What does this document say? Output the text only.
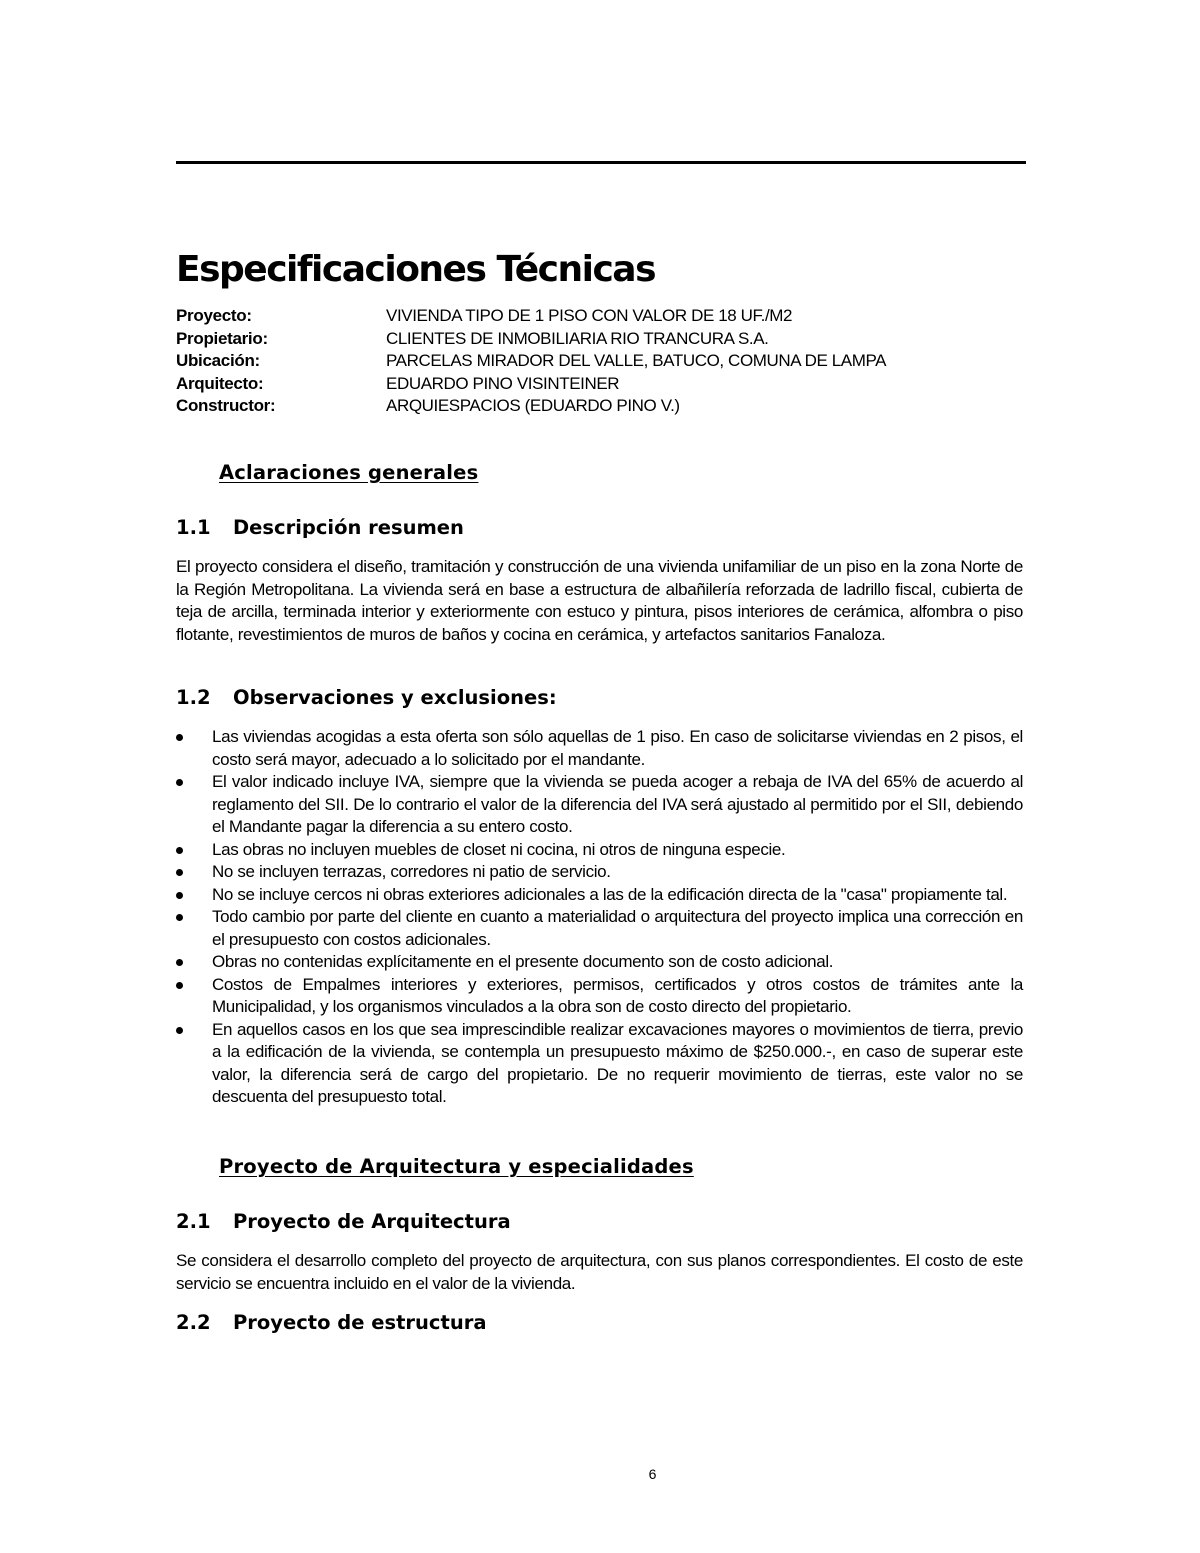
Especificaciones Técnicas
Proyecto:	VIVIENDA TIPO DE 1 PISO CON VALOR DE 18 UF./M2
Propietario:	CLIENTES DE INMOBILIARIA RIO TRANCURA S.A.
Ubicación:	PARCELAS MIRADOR DEL VALLE, BATUCO, COMUNA DE LAMPA
Arquitecto:	EDUARDO PINO VISINTEINER
Constructor:	ARQUIESPACIOS (EDUARDO PINO V.)
Aclaraciones generales
1.1 Descripción resumen

El proyecto considera el diseño, tramitación y construcción de una vivienda unifamiliar de un piso en la zona Norte de la Región Metropolitana. La vivienda será en base a estructura de albañilería reforzada de ladrillo fiscal, cubierta de teja de arcilla, terminada interior y exteriormente con estuco y pintura, pisos interiores de cerámica, alfombra o piso flotante, revestimientos de muros de baños y cocina en cerámica, y artefactos sanitarios Fanaloza.

1.2 Observaciones y exclusiones:
Las viviendas acogidas a esta oferta son sólo aquellas de 1 piso. En caso de solicitarse viviendas en 2 pisos, el costo será mayor, adecuado a lo solicitado por el mandante.
El valor indicado incluye IVA, siempre que la vivienda se pueda acoger a rebaja de IVA del 65% de acuerdo al reglamento del SII. De lo contrario el valor de la diferencia del IVA será ajustado al permitido por el SII, debiendo el Mandante pagar la diferencia a su entero costo.
Las obras no incluyen muebles de closet ni cocina, ni otros de ninguna especie.
No se incluyen terrazas, corredores ni patio de servicio.
No se incluye cercos ni obras exteriores adicionales a las de la edificación directa de la "casa" propiamente tal.
Todo cambio por parte del cliente en cuanto a materialidad o arquitectura del proyecto implica una corrección en el presupuesto con costos adicionales.
Obras no contenidas explícitamente en el presente documento son de costo adicional.
Costos de Empalmes interiores y exteriores, permisos, certificados y otros costos de trámites ante la Municipalidad, y los organismos vinculados a la obra son de costo directo del propietario.
En aquellos casos en los que sea imprescindible realizar excavaciones mayores o movimientos de tierra, previo a la edificación de la vivienda, se contempla un presupuesto máximo de $250.000.-, en caso de superar este valor, la diferencia será de cargo del propietario. De no requerir movimiento de tierras, este valor no se descuenta del presupuesto total.
Proyecto de Arquitectura y especialidades
2.1 Proyecto de Arquitectura

Se considera el desarrollo completo del proyecto de arquitectura, con sus planos correspondientes. El costo de este servicio se encuentra incluido en el valor de la vivienda.

2.2 Proyecto de estructura
6
